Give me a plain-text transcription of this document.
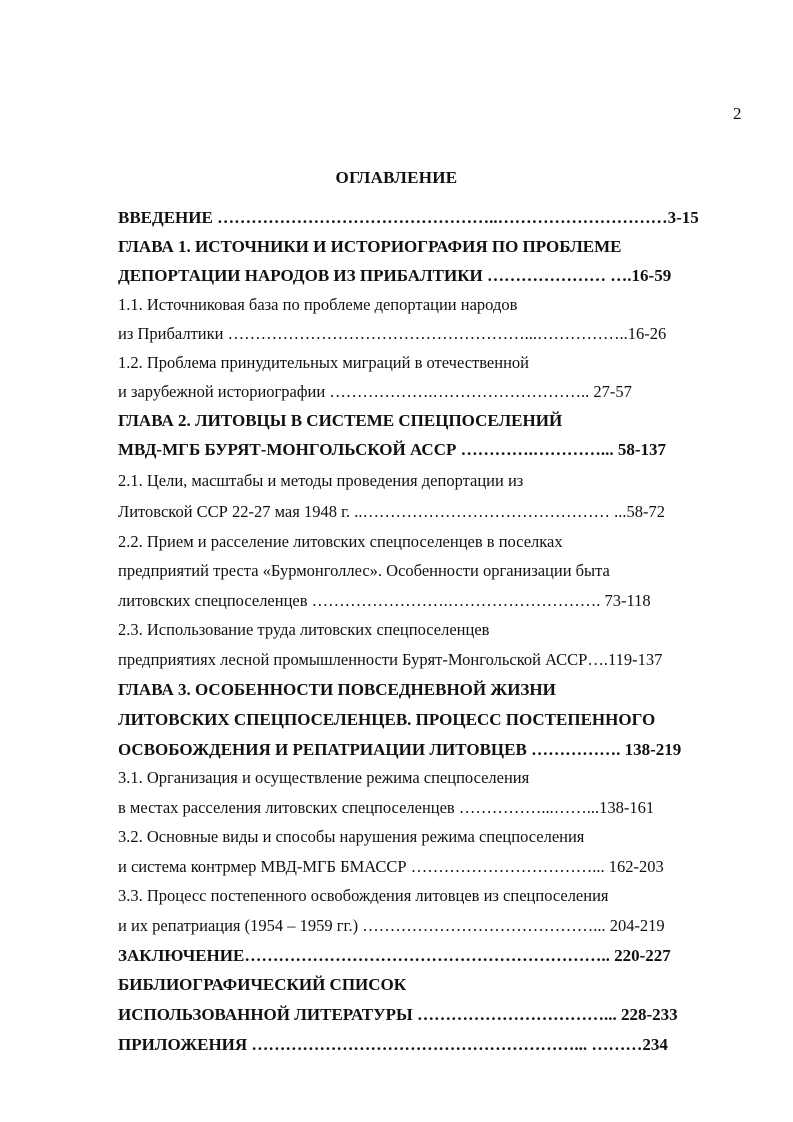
2
ОГЛАВЛЕНИЕ
ВВЕДЕНИЕ …………………………………………..…………………………3-15
ГЛАВА 1. ИСТОЧНИКИ И ИСТОРИОГРАФИЯ ПО ПРОБЛЕМЕ
ДЕПОРТАЦИИ НАРОДОВ ИЗ ПРИБАЛТИКИ ………………… ….16-59
1.1. Источниковая база по проблеме депортации народов
из Прибалтики ………………………………………………...……………..16-26
1.2. Проблема принудительных миграций в отечественной
и зарубежной историографии ……………….……………………….. 27-57
ГЛАВА 2. ЛИТОВЦЫ В СИСТЕМЕ СПЕЦПОСЕЛЕНИЙ
МВД-МГБ БУРЯТ-МОНГОЛЬСКОЙ АССР ………….…………... 58-137
2.1. Цели, масштабы и методы проведения депортации из
Литовской ССР 22-27 мая 1948 г. ..……………………………………… ...58-72
2.2. Прием и расселение литовских спецпоселенцев в поселках
предприятий треста «Бурмонголлес». Особенности организации быта
литовских спецпоселенцев …………………….………………………. 73-118
2.3. Использование труда литовских спецпоселенцев
предприятиях лесной промышленности Бурят-Монгольской АССР….119-137
ГЛАВА 3. ОСОБЕННОСТИ ПОВСЕДНЕВНОЙ ЖИЗНИ
ЛИТОВСКИХ СПЕЦПОСЕЛЕНЦЕВ. ПРОЦЕСС ПОСТЕПЕННОГО
ОСВОБОЖДЕНИЯ И РЕПАТРИАЦИИ ЛИТОВЦЕВ ……………. 138-219
3.1. Организация и осуществление режима спецпоселения
в местах расселения литовских спецпоселенцев ……………...……...138-161
3.2. Основные виды и способы нарушения режима спецпоселения
и система контрмер МВД-МГБ БМАССР ……………………………... 162-203
3.3. Процесс постепенного освобождения литовцев из спецпоселения
и их репатриация (1954 – 1959 гг.) ……………………………………... 204-219
ЗАКЛЮЧЕНИЕ……………………………………………………….. 220-227
БИБЛИОГРАФИЧЕСКИЙ СПИСОК
ИСПОЛЬЗОВАННОЙ ЛИТЕРАТУРЫ ……………………………... 228-233
ПРИЛОЖЕНИЯ …………………………………………………... ………234
